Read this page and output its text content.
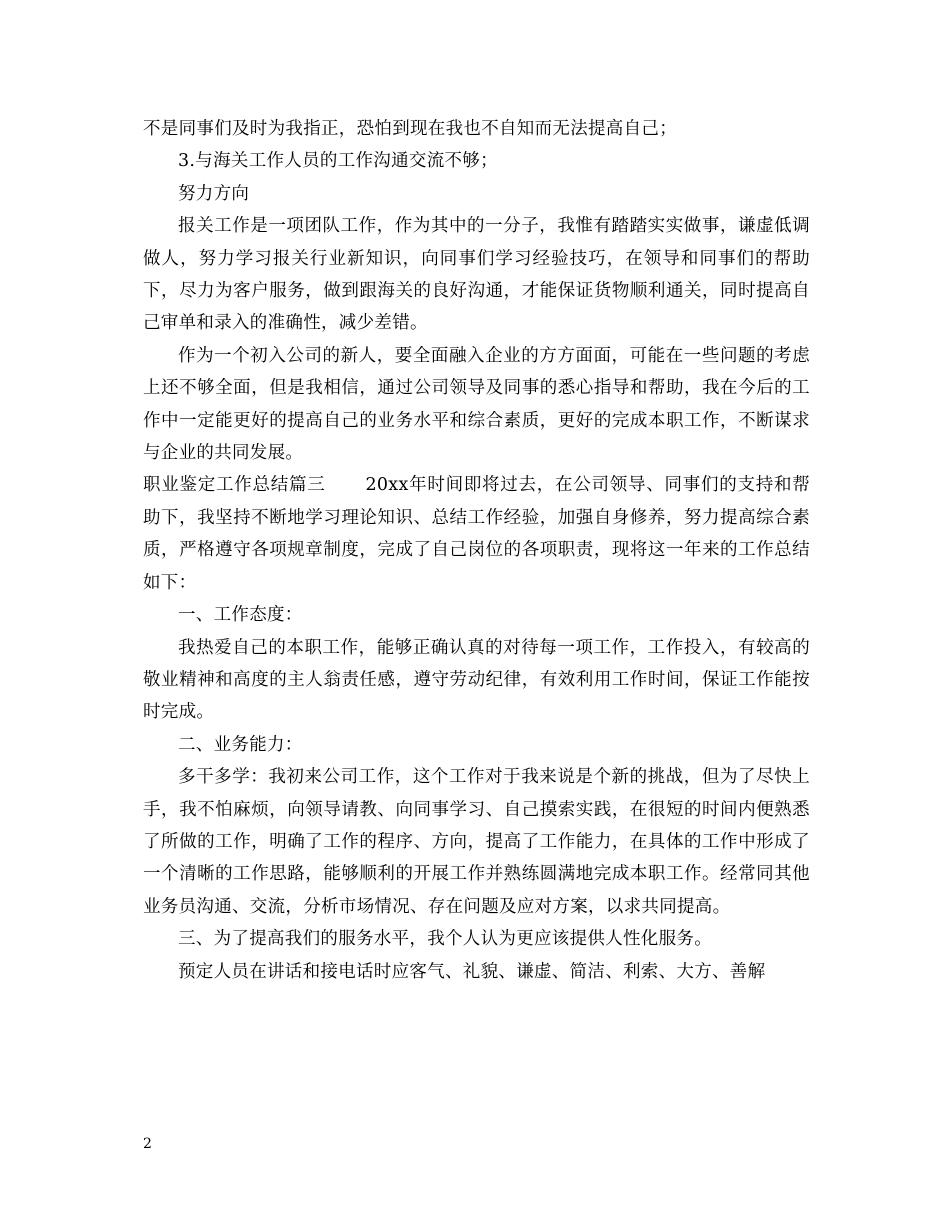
不是同事们及时为我指正，恐怕到现在我也不自知而无法提高自己；

3.与海关工作人员的工作沟通交流不够；

努力方向

报关工作是一项团队工作，作为其中的一分子，我惟有踏踏实实做事，谦虚低调做人，努力学习报关行业新知识，向同事们学习经验技巧，在领导和同事们的帮助下，尽力为客户服务，做到跟海关的良好沟通，才能保证货物顺利通关，同时提高自己审单和录入的准确性，减少差错。

作为一个初入公司的新人，要全面融入企业的方方面面，可能在一些问题的考虑上还不够全面，但是我相信，通过公司领导及同事的悉心指导和帮助，我在今后的工作中一定能更好的提高自己的业务水平和综合素质，更好的完成本职工作，不断谋求与企业的共同发展。

职业鉴定工作总结篇三 20xx年时间即将过去，在公司领导、同事们的支持和帮助下，我坚持不断地学习理论知识、总结工作经验，加强自身修养，努力提高综合素质，严格遵守各项规章制度，完成了自己岗位的各项职责，现将这一年来的工作总结如下：

一、工作态度：

我热爱自己的本职工作，能够正确认真的对待每一项工作，工作投入，有较高的敬业精神和高度的主人翁责任感，遵守劳动纪律，有效利用工作时间，保证工作能按时完成。

二、业务能力：

多干多学：我初来公司工作，这个工作对于我来说是个新的挑战，但为了尽快上手，我不怕麻烦，向领导请教、向同事学习、自己摸索实践，在很短的时间内便熟悉了所做的工作，明确了工作的程序、方向，提高了工作能力，在具体的工作中形成了一个清晰的工作思路，能够顺利的开展工作并熟练圆满地完成本职工作。经常同其他业务员沟通、交流，分析市场情况、存在问题及应对方案，以求共同提高。

三、为了提高我们的服务水平，我个人认为更应该提供人性化服务。

预定人员在讲话和接电话时应客气、礼貌、谦虚、简洁、利索、大方、善解

2
